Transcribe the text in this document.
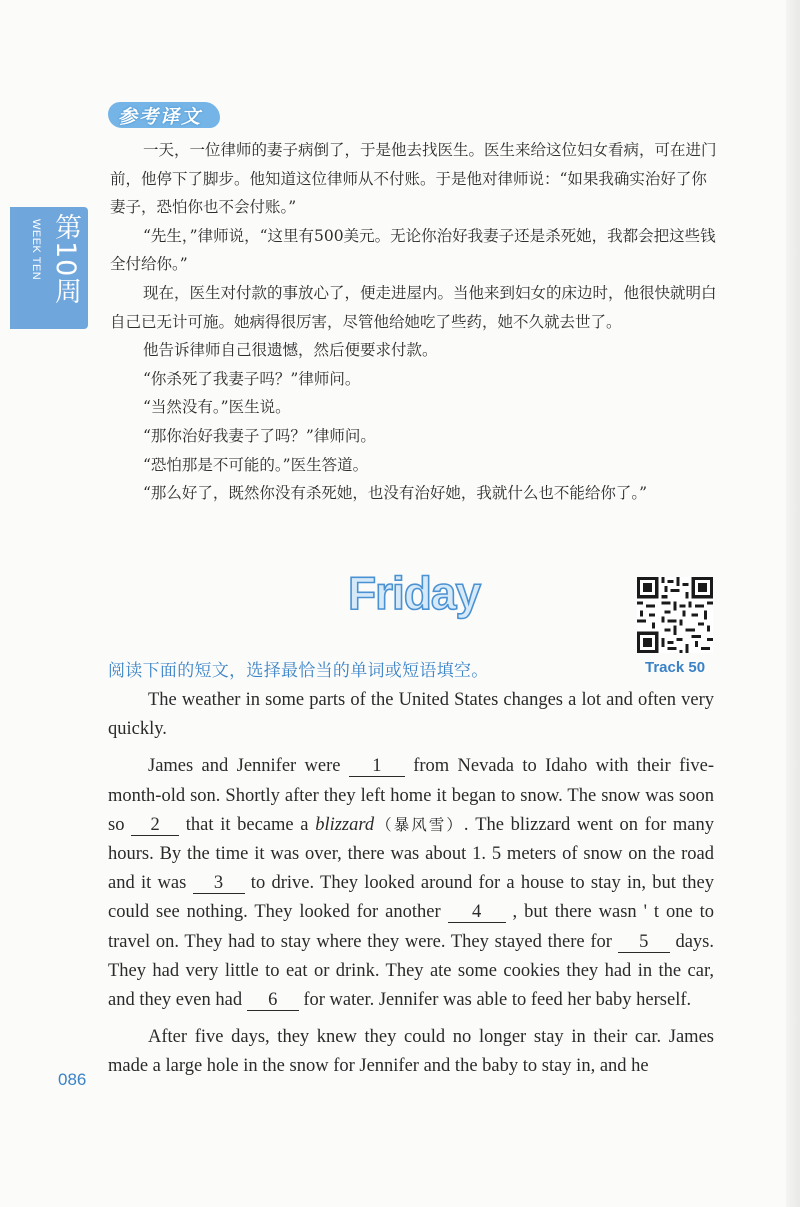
WEEK TEN 第10周
参考译文

一天，一位律师的妻子病倒了，于是他去找医生。医生来给这位妇女看病，可在进门前，他停下了脚步。他知道这位律师从不付账。于是他对律师说：“如果我确实治好了你妻子，恐怕你也不会付账。”

“先生，”律师说，“这里有500美元。无论你治好我妻子还是杀死她，我都会把这些钱全付给你。”

现在，医生对付款的事放心了，便走进屋内。当他来到妇女的床边时，他很快就明白自己已无计可施。她病得很厉害，尽管他给她吃了些药，她不久就去世了。

他告诉律师自己很遗憾，然后便要求付款。

“你杀死了我妻子吗？”律师问。

“当然没有。”医生说。

“那你治好我妻子了吗？”律师问。

“恐怕那是不可能的。”医生答道。

“那么好了，既然你没有杀死她，也没有治好她，我就什么也不能给你了。”

Friday
阅读下面的短文，选择最恰当的单词或短语填空。	Track 50

The weather in some parts of the United States changes a lot and often very quickly.

James and Jennifer were 1 from Nevada to Idaho with their five-month-old son. Shortly after they left home it began to snow. The snow was soon so 2 that it became a blizzard（暴风雪）. The blizzard went on for many hours. By the time it was over, there was about 1. 5 meters of snow on the road and it was 3 to drive. They looked around for a house to stay in, but they could see nothing. They looked for another 4 , but there wasn ' t one to travel on. They had to stay where they were. They stayed there for 5 days. They had very little to eat or drink. They ate some cookies they had in the car, and they even had 6 for water. Jennifer was able to feed her baby herself.

After five days, they knew they could no longer stay in their car. James made a large hole in the snow for Jennifer and the baby to stay in, and he

086
